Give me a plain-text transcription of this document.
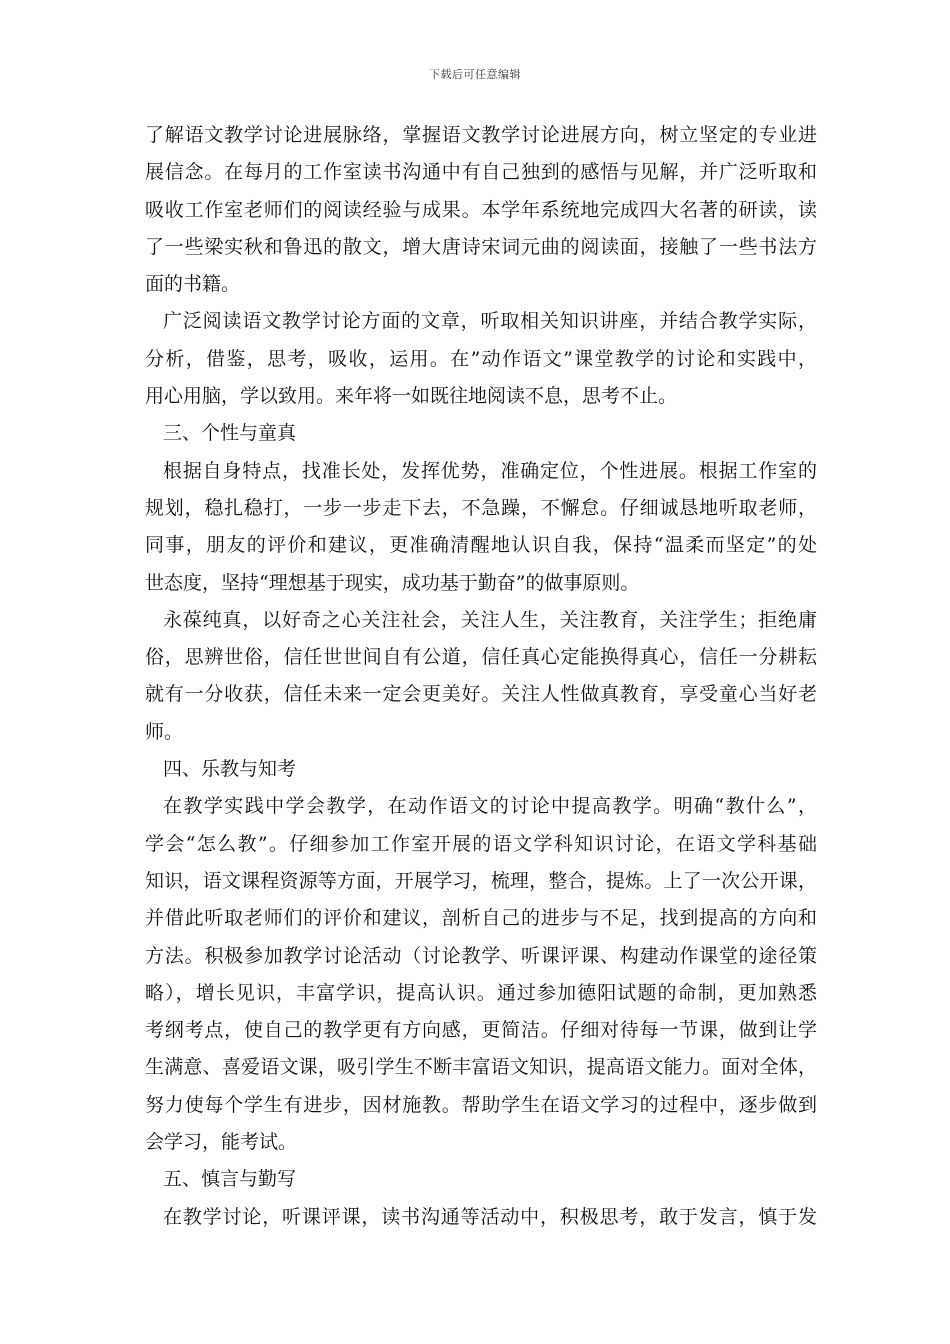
下载后可任意编辑
了解语文教学讨论进展脉络，掌握语文教学讨论进展方向，树立坚定的专业进
展信念。在每月的工作室读书沟通中有自己独到的感悟与见解，并广泛听取和
吸收工作室老师们的阅读经验与成果。本学年系统地完成四大名著的研读，读
了一些梁实秋和鲁迅的散文，增大唐诗宋词元曲的阅读面，接触了一些书法方
面的书籍。
广泛阅读语文教学讨论方面的文章，听取相关知识讲座，并结合教学实际，
分析，借鉴，思考，吸收，运用。在”动作语文”课堂教学的讨论和实践中，
用心用脑，学以致用。来年将一如既往地阅读不息，思考不止。
三、个性与童真
根据自身特点，找准长处，发挥优势，准确定位，个性进展。根据工作室的
规划，稳扎稳打，一步一步走下去，不急躁，不懈怠。仔细诚恳地听取老师，
同事，朋友的评价和建议，更准确清醒地认识自我，保持“温柔而坚定”的处
世态度，坚持“理想基于现实，成功基于勤奋”的做事原则。
永葆纯真，以好奇之心关注社会，关注人生，关注教育，关注学生；拒绝庸
俗，思辨世俗，信任世世间自有公道，信任真心定能换得真心，信任一分耕耘
就有一分收获，信任未来一定会更美好。关注人性做真教育，享受童心当好老
师。
四、乐教与知考
在教学实践中学会教学，在动作语文的讨论中提高教学。明确“教什么”，
学会“怎么教”。仔细参加工作室开展的语文学科知识讨论，在语文学科基础
知识，语文课程资源等方面，开展学习，梳理，整合，提炼。上了一次公开课，
并借此听取老师们的评价和建议，剖析自己的进步与不足，找到提高的方向和
方法。积极参加教学讨论活动（讨论教学、听课评课、构建动作课堂的途径策
略），增长见识，丰富学识，提高认识。通过参加德阳试题的命制，更加熟悉
考纲考点，使自己的教学更有方向感，更简洁。仔细对待每一节课，做到让学
生满意、喜爱语文课，吸引学生不断丰富语文知识，提高语文能力。面对全体，
努力使每个学生有进步，因材施教。帮助学生在语文学习的过程中，逐步做到
会学习，能考试。
五、慎言与勤写
在教学讨论，听课评课，读书沟通等活动中，积极思考，敢于发言，慎于发
